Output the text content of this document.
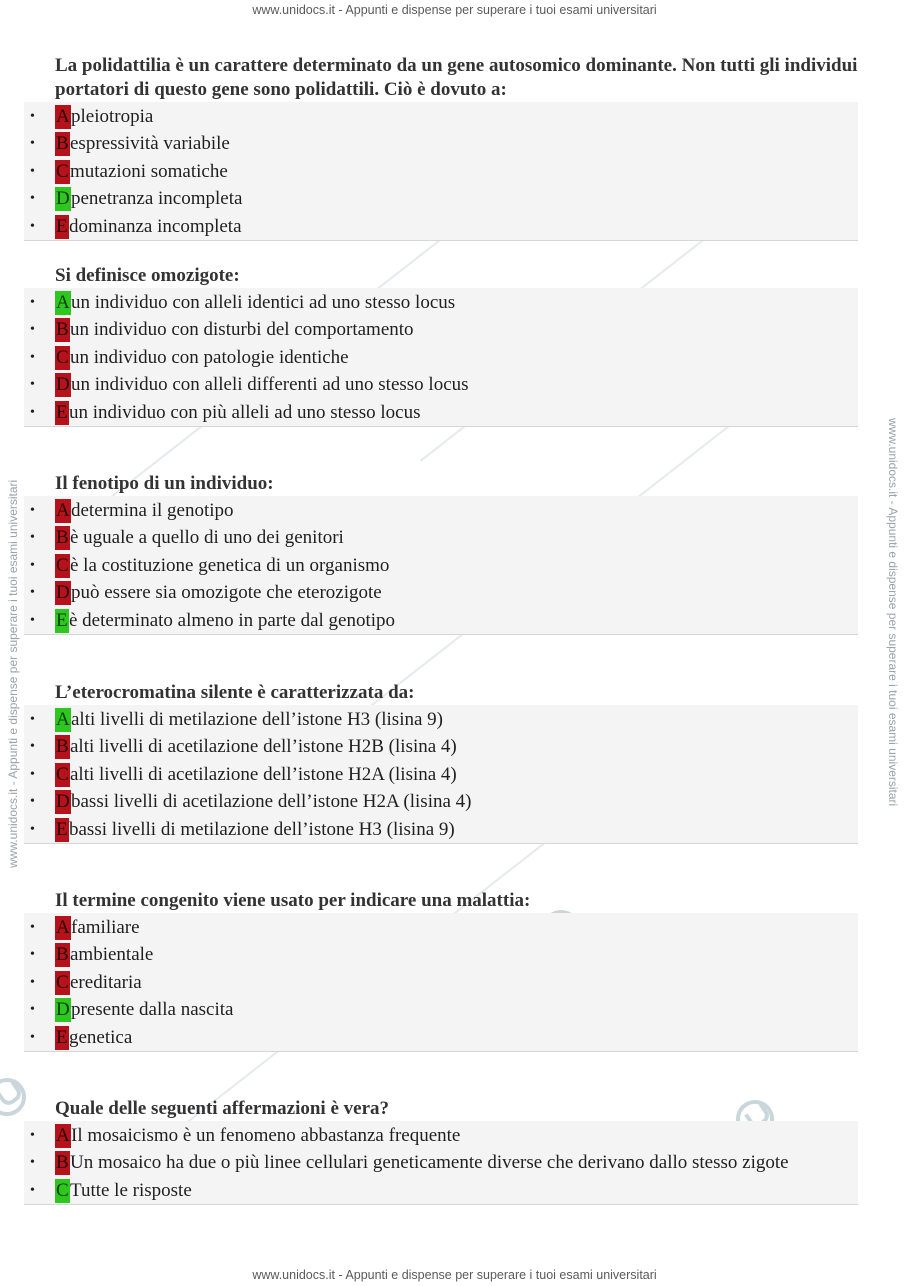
www.unidocs.it - Appunti e dispense per superare i tuoi esami universitari
www.unidocs.it - Appunti e dispense per superare i tuoi esami universitari
www.unidocs.it - Appunti e dispense per superare i tuoi esami universitari	www.unidocs.it - Appunti e dispense per superare i tuoi esami universitari
La polidattilia è un carattere determinato da un gene autosomico dominante. Non tutti gli individui portatori di questo gene sono polidattili. Ciò è dovuto a:
• A pleiotropia
• B espressività variabile
• C mutazioni somatiche
• D penetranza incompleta
• E dominanza incompleta
Si definisce omozigote:
• A un individuo con alleli identici ad uno stesso locus
• B un individuo con disturbi del comportamento
• C un individuo con patologie identiche
• D un individuo con alleli differenti ad uno stesso locus
• E un individuo con più alleli ad uno stesso locus
Il fenotipo di un individuo:
• A determina il genotipo
• B è uguale a quello di uno dei genitori
• C è la costituzione genetica di un organismo
• D può essere sia omozigote che eterozigote
• E è determinato almeno in parte dal genotipo
L’eterocromatina silente è caratterizzata da:
• A alti livelli di metilazione dell’istone H3 (lisina 9)
• B alti livelli di acetilazione dell’istone H2B (lisina 4)
• C alti livelli di acetilazione dell’istone H2A (lisina 4)
• D bassi livelli di acetilazione dell’istone H2A (lisina 4)
• E bassi livelli di metilazione dell’istone H3 (lisina 9)
Il termine congenito viene usato per indicare una malattia:
• A familiare
• B ambientale
• C ereditaria
• D presente dalla nascita
• E genetica
Quale delle seguenti affermazioni è vera?
• A Il mosaicismo è un fenomeno abbastanza frequente
• B Un mosaico ha due o più linee cellulari geneticamente diverse che derivano dallo stesso zigote
• C Tutte le risposte
